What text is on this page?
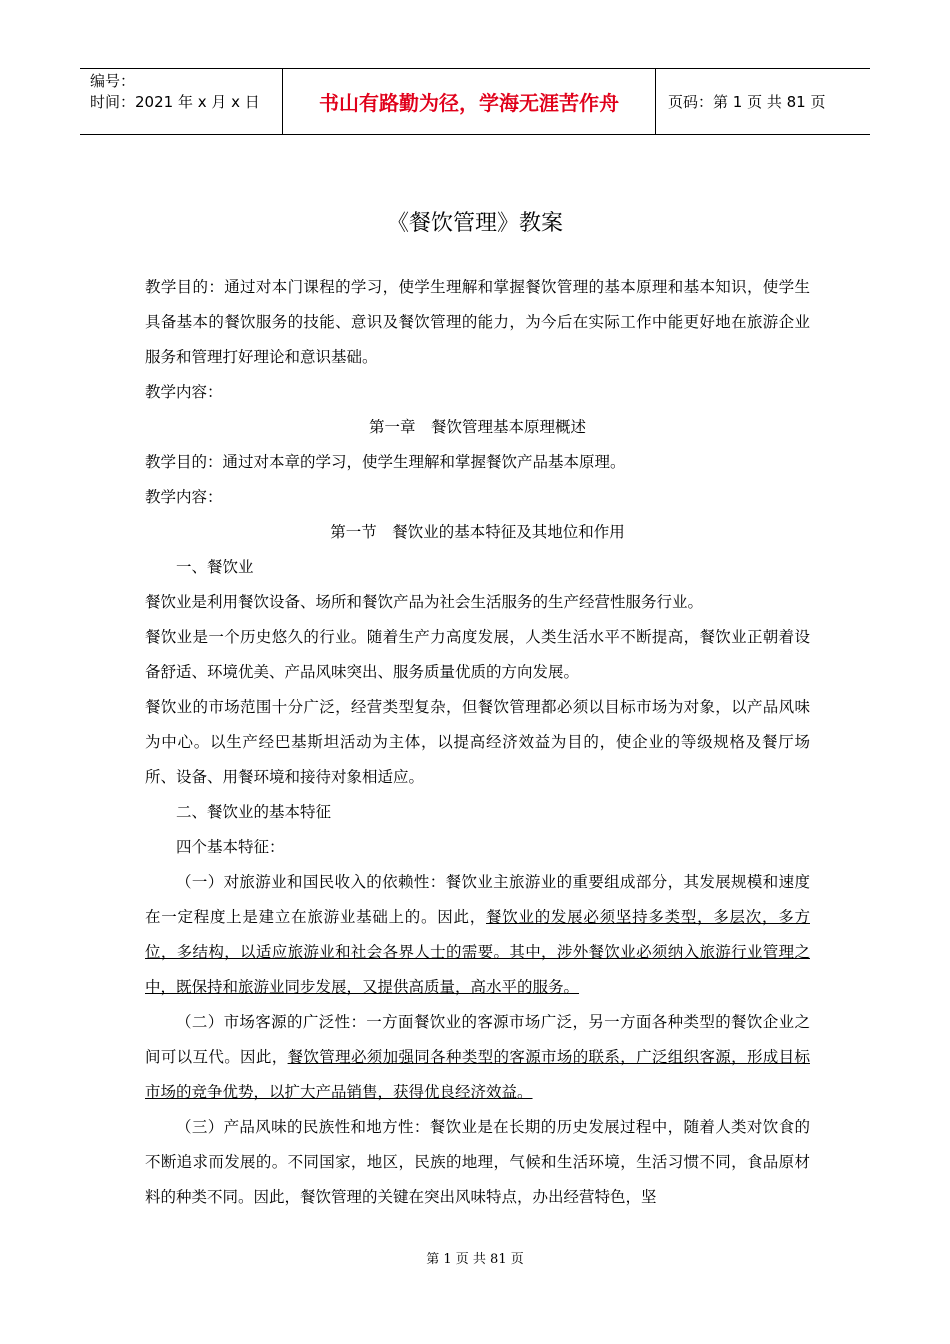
编号：
时间：2021 年 x 月 x 日	书山有路勤为径，学海无涯苦作舟	页码：第 1 页 共 81 页
《餐饮管理》教案

教学目的：通过对本门课程的学习，使学生理解和掌握餐饮管理的基本原理和基本知识，使学生具备基本的餐饮服务的技能、意识及餐饮管理的能力，为今后在实际工作中能更好地在旅游企业服务和管理打好理论和意识基础。

教学内容：

第一章　餐饮管理基本原理概述

教学目的：通过对本章的学习，使学生理解和掌握餐饮产品基本原理。

教学内容：

第一节　餐饮业的基本特征及其地位和作用

一、餐饮业

餐饮业是利用餐饮设备、场所和餐饮产品为社会生活服务的生产经营性服务行业。

餐饮业是一个历史悠久的行业。随着生产力高度发展，人类生活水平不断提高，餐饮业正朝着设备舒适、环境优美、产品风味突出、服务质量优质的方向发展。

餐饮业的市场范围十分广泛，经营类型复杂，但餐饮管理都必须以目标市场为对象，以产品风味为中心。以生产经巴基斯坦活动为主体，以提高经济效益为目的，使企业的等级规格及餐厅场所、设备、用餐环境和接待对象相适应。

二、餐饮业的基本特征

四个基本特征：

（一）对旅游业和国民收入的依赖性：餐饮业主旅游业的重要组成部分，其发展规模和速度在一定程度上是建立在旅游业基础上的。因此，餐饮业的发展必须坚持多类型，多层次，多方位，多结构，以适应旅游业和社会各界人士的需要。其中，涉外餐饮业必须纳入旅游行业管理之中，既保持和旅游业同步发展，又提供高质量，高水平的服务。

（二）市场客源的广泛性：一方面餐饮业的客源市场广泛，另一方面各种类型的餐饮企业之间可以互代。因此，餐饮管理必须加强同各种类型的客源市场的联系，广泛组织客源，形成目标市场的竞争优势，以扩大产品销售，获得优良经济效益。

（三）产品风味的民族性和地方性：餐饮业是在长期的历史发展过程中，随着人类对饮食的不断追求而发展的。不同国家，地区，民族的地理，气候和生活环境，生活习惯不同，食品原材料的种类不同。因此，餐饮管理的关键在突出风味特点，办出经营特色，坚

第 1 页 共 81 页
